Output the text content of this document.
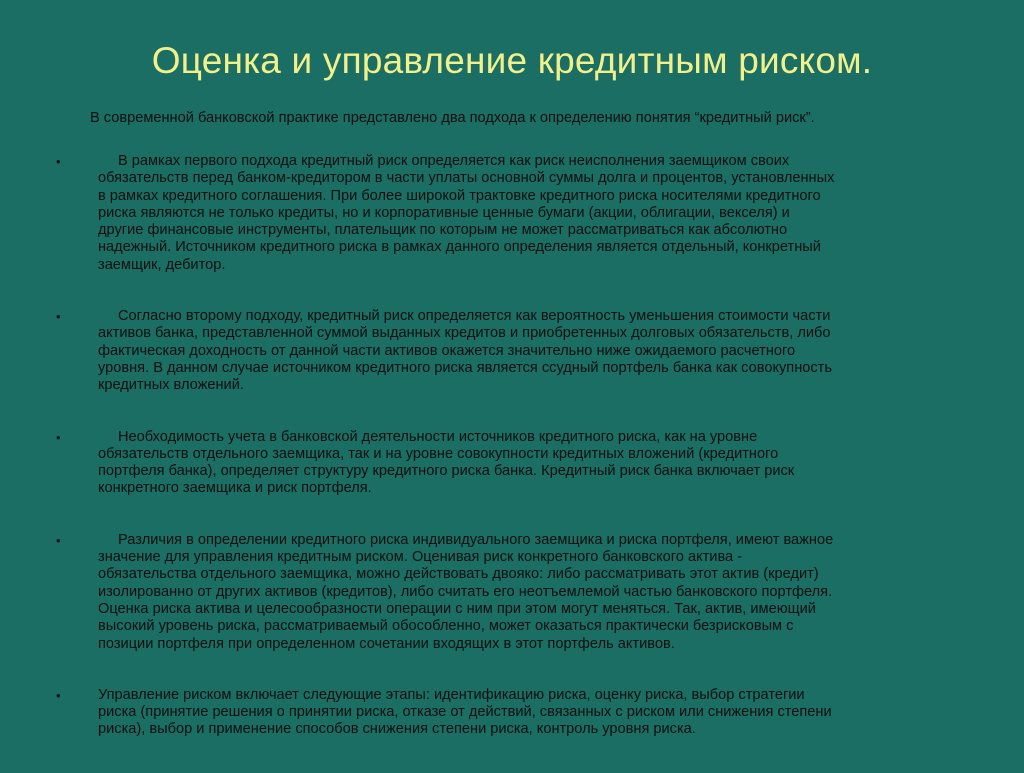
Оценка и управление кредитным риском.
В современной банковской практике представлено два подхода к определению понятия “кредитный риск”.
•	В рамках первого подхода кредитный риск определяется как риск неисполнения заемщиком своих
обязательств перед банком-кредитором в части уплаты основной суммы долга и процентов, установленных
в рамках кредитного соглашения. При более широкой трактовке кредитного риска носителями кредитного
риска являются не только кредиты, но и корпоративные ценные бумаги (акции, облигации, векселя) и
другие финансовые инструменты, плательщик по которым не может рассматриваться как абсолютно
надежный. Источником кредитного риска в рамках данного определения является отдельный, конкретный
заемщик, дебитор.
•	Согласно второму подходу, кредитный риск определяется как вероятность уменьшения стоимости части
активов банка, представленной суммой выданных кредитов и приобретенных долговых обязательств, либо
фактическая доходность от данной части активов окажется значительно ниже ожидаемого расчетного
уровня. В данном случае источником кредитного риска является ссудный портфель банка как совокупность
кредитных вложений.
•	Необходимость учета в банковской деятельности источников кредитного риска, как на уровне
обязательств отдельного заемщика, так и на уровне совокупности кредитных вложений (кредитного
портфеля банка), определяет структуру кредитного риска банка. Кредитный риск банка включает риск
конкретного заемщика и риск портфеля.
•	Различия в определении кредитного риска индивидуального заемщика и риска портфеля, имеют важное
значение для управления кредитным риском. Оценивая риск конкретного банковского актива -
обязательства отдельного заемщика, можно действовать двояко: либо рассматривать этот актив (кредит)
изолированно от других активов (кредитов), либо считать его неотъемлемой частью банковского портфеля.
Оценка риска актива и целесообразности операции с ним при этом могут меняться. Так, актив, имеющий
высокий уровень риска, рассматриваемый обособленно, может оказаться практически безрисковым с
позиции портфеля при определенном сочетании входящих в этот портфель активов.
•	Управление риском включает следующие этапы: идентификацию риска, оценку риска, выбор стратегии
риска (принятие решения о принятии риска, отказе от действий, связанных с риском или снижения степени
риска), выбор и применение способов снижения степени риска, контроль уровня риска.
